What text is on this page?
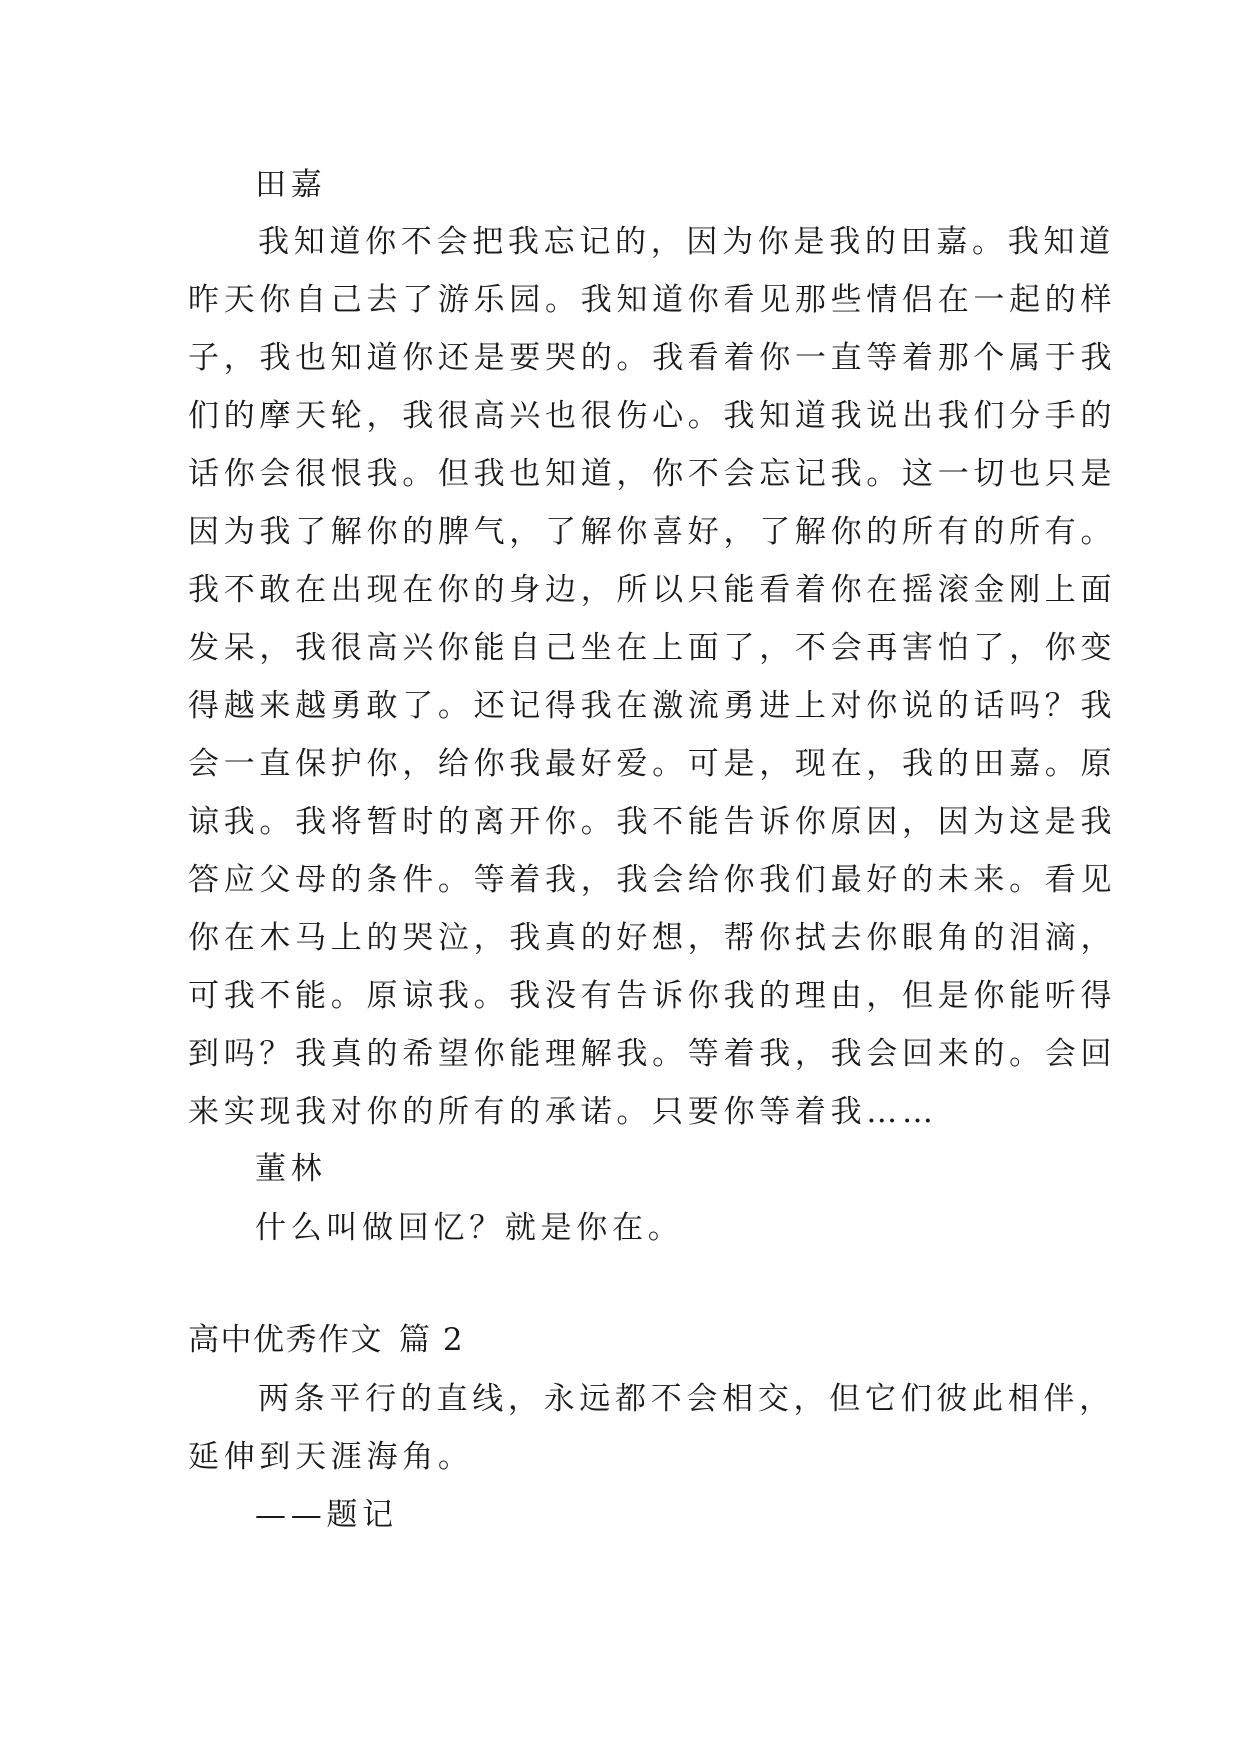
田嘉

我知道你不会把我忘记的，因为你是我的田嘉。我知道

昨天你自己去了游乐园。我知道你看见那些情侣在一起的样

子，我也知道你还是要哭的。我看着你一直等着那个属于我

们的摩天轮，我很高兴也很伤心。我知道我说出我们分手的

话你会很恨我。但我也知道，你不会忘记我。这一切也只是

因为我了解你的脾气，了解你喜好，了解你的所有的所有。

我不敢在出现在你的身边，所以只能看着你在摇滚金刚上面

发呆，我很高兴你能自己坐在上面了，不会再害怕了，你变

得越来越勇敢了。还记得我在激流勇进上对你说的话吗？我

会一直保护你，给你我最好爱。可是，现在，我的田嘉。原

谅我。我将暂时的离开你。我不能告诉你原因，因为这是我

答应父母的条件。等着我，我会给你我们最好的未来。看见

你在木马上的哭泣，我真的好想，帮你拭去你眼角的泪滴，

可我不能。原谅我。我没有告诉你我的理由，但是你能听得

到吗？我真的希望你能理解我。等着我，我会回来的。会回

来实现我对你的所有的承诺。只要你等着我……

董林

什么叫做回忆？就是你在。

高中优秀作文 篇 2

两条平行的直线，永远都不会相交，但它们彼此相伴，

延伸到天涯海角。

——题记
